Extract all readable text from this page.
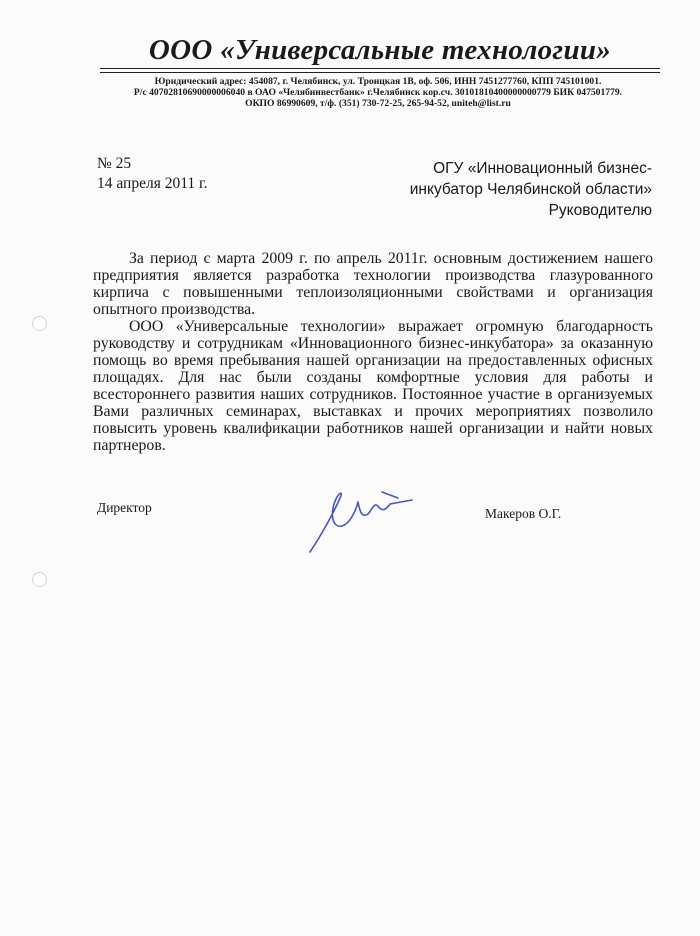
ООО «Универсальные технологии»
Юридический адрес: 454087, г. Челябинск, ул. Троицкая 1В, оф. 506, ИНН 7451277760, КПП 745101001.
Р/с 40702810690000006040 в ОАО «Челябинвестбанк» г.Челябинск кор.сч. 30101810400000000779 БИК 047501779.
ОКПО 86990609, т/ф. (351) 730-72-25, 265-94-52, uniteh@list.ru
№ 25
14 апреля 2011 г.
ОГУ «Инновационный бизнес-
инкубатор Челябинской области»
Руководителю

За период с марта 2009 г. по апрель 2011г. основным достижением нашего предприятия является разработка технологии производства глазурованного кирпича с повышенными теплоизоляционными свойствами и организация опытного производства.

ООО «Универсальные технологии» выражает огромную благодарность руководству и сотрудникам «Инновационного бизнес-инкубатора» за оказанную помощь во время пребывания нашей организации на предоставленных офисных площадях. Для нас были созданы комфортные условия для работы и всестороннего развития наших сотрудников. Постоянное участие в организуемых Вами различных семинарах, выставках и прочих мероприятиях позволило повысить уровень квалификации работников нашей организации и найти новых партнеров.

Директор	Макеров О.Г.
